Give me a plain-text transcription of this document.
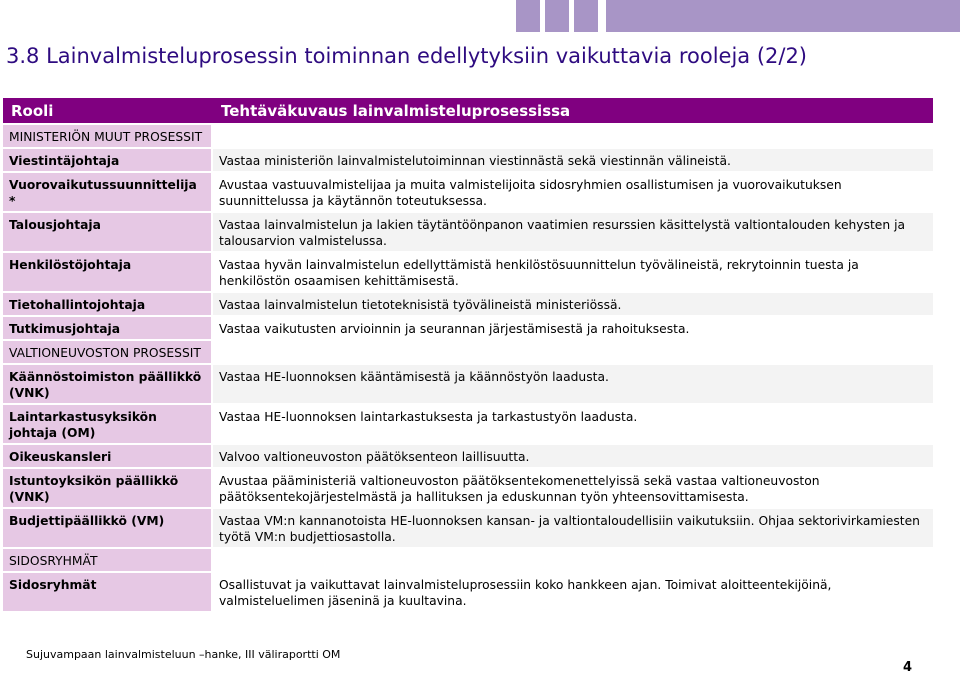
3.8 Lainvalmisteluprosessin toiminnan edellytyksiin vaikuttavia rooleja (2/2)
Rooli	Tehtäväkuvaus lainvalmisteluprosessissa
MINISTERIÖN MUUT PROSESSIT	
Viestintäjohtaja	Vastaa ministeriön lainvalmistelutoiminnan viestinnästä sekä viestinnän välineistä.
Vuorovaikutussuunnittelija *	Avustaa vastuuvalmistelijaa ja muita valmistelijoita sidosryhmien osallistumisen ja vuorovaikutuksen suunnittelussa ja käytännön toteutuksessa.
Talousjohtaja	Vastaa lainvalmistelun ja lakien täytäntöönpanon vaatimien resurssien käsittelystä valtiontalouden kehysten ja talousarvion valmistelussa.
Henkilöstöjohtaja	Vastaa hyvän lainvalmistelun edellyttämistä henkilöstösuunnittelun työvälineistä, rekrytoinnin tuesta ja henkilöstön osaamisen kehittämisestä.
Tietohallintojohtaja	Vastaa lainvalmistelun tietoteknisistä työvälineistä ministeriössä.
Tutkimusjohtaja	Vastaa vaikutusten arvioinnin ja seurannan järjestämisestä ja rahoituksesta.
VALTIONEUVOSTON PROSESSIT	
Käännöstoimiston päällikkö (VNK)	Vastaa HE-luonnoksen kääntämisestä ja käännöstyön laadusta.
Laintarkastusyksikön johtaja (OM)	Vastaa HE-luonnoksen laintarkastuksesta ja tarkastustyön laadusta.
Oikeuskansleri	Valvoo valtioneuvoston päätöksenteon laillisuutta.
Istuntoyksikön päällikkö (VNK)	Avustaa pääministeriä valtioneuvoston päätöksentekomenettelyissä sekä vastaa valtioneuvoston päätöksentekojärjestelmästä ja hallituksen ja eduskunnan työn yhteensovittamisesta.
Budjettipäällikkö (VM)	Vastaa VM:n kannanotoista HE-luonnoksen kansan- ja valtiontaloudellisiin vaikutuksiin. Ohjaa sektorivirkamiesten työtä VM:n budjettiosastolla.
SIDOSRYHMÄT	
Sidosryhmät	Osallistuvat ja vaikuttavat lainvalmisteluprosessiin koko hankkeen ajan. Toimivat aloitteentekijöinä, valmisteluelimen jäseninä ja kuultavina.
Sujuvampaan lainvalmisteluun –hanke, III väliraportti OM
4
